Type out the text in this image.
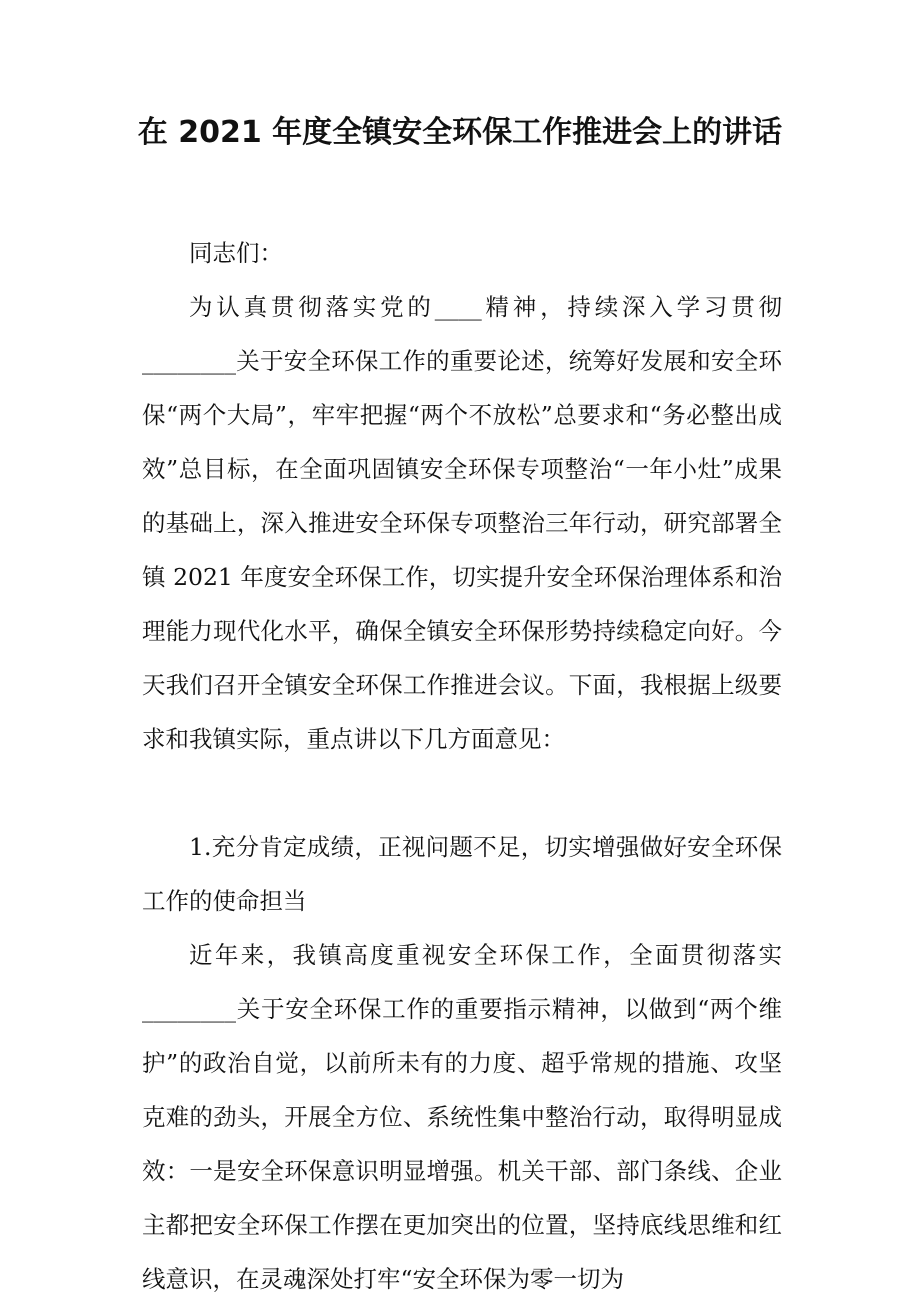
在 2021 年度全镇安全环保工作推进会上的讲话

同志们：

为认真贯彻落实党的____精神，持续深入学习贯彻________关于安全环保工作的重要论述，统筹好发展和安全环保“两个大局”，牢牢把握“两个不放松”总要求和“务必整出成效”总目标，在全面巩固镇安全环保专项整治“一年小灶”成果的基础上，深入推进安全环保专项整治三年行动，研究部署全镇 2021 年度安全环保工作，切实提升安全环保治理体系和治理能力现代化水平，确保全镇安全环保形势持续稳定向好。今天我们召开全镇安全环保工作推进会议。下面，我根据上级要求和我镇实际，重点讲以下几方面意见：

1.充分肯定成绩，正视问题不足，切实增强做好安全环保工作的使命担当

近年来，我镇高度重视安全环保工作，全面贯彻落实________关于安全环保工作的重要指示精神，以做到“两个维护”的政治自觉，以前所未有的力度、超乎常规的措施、攻坚克难的劲头，开展全方位、系统性集中整治行动，取得明显成效：一是安全环保意识明显增强。机关干部、部门条线、企业主都把安全环保工作摆在更加突出的位置，坚持底线思维和红线意识，在灵魂深处打牢“安全环保为零一切为
